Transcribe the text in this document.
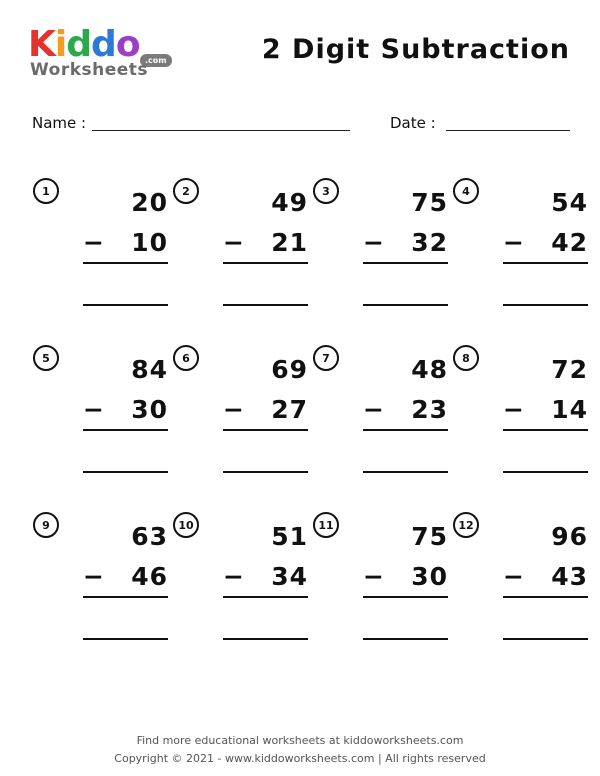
Kiddo .com
Worksheets
2 Digit Subtraction
Name :	Date :
1	20
− 10
2	49
− 21
3	75
− 32
4	54
− 42
5	84
− 30
6	69
− 27
7	48
− 23
8	72
− 14
9	63
− 46
10	51
− 34
11	75
− 30
12	96
− 43
Find more educational worksheets at kiddoworksheets.com
Copyright © 2021 - www.kiddoworksheets.com | All rights reserved
